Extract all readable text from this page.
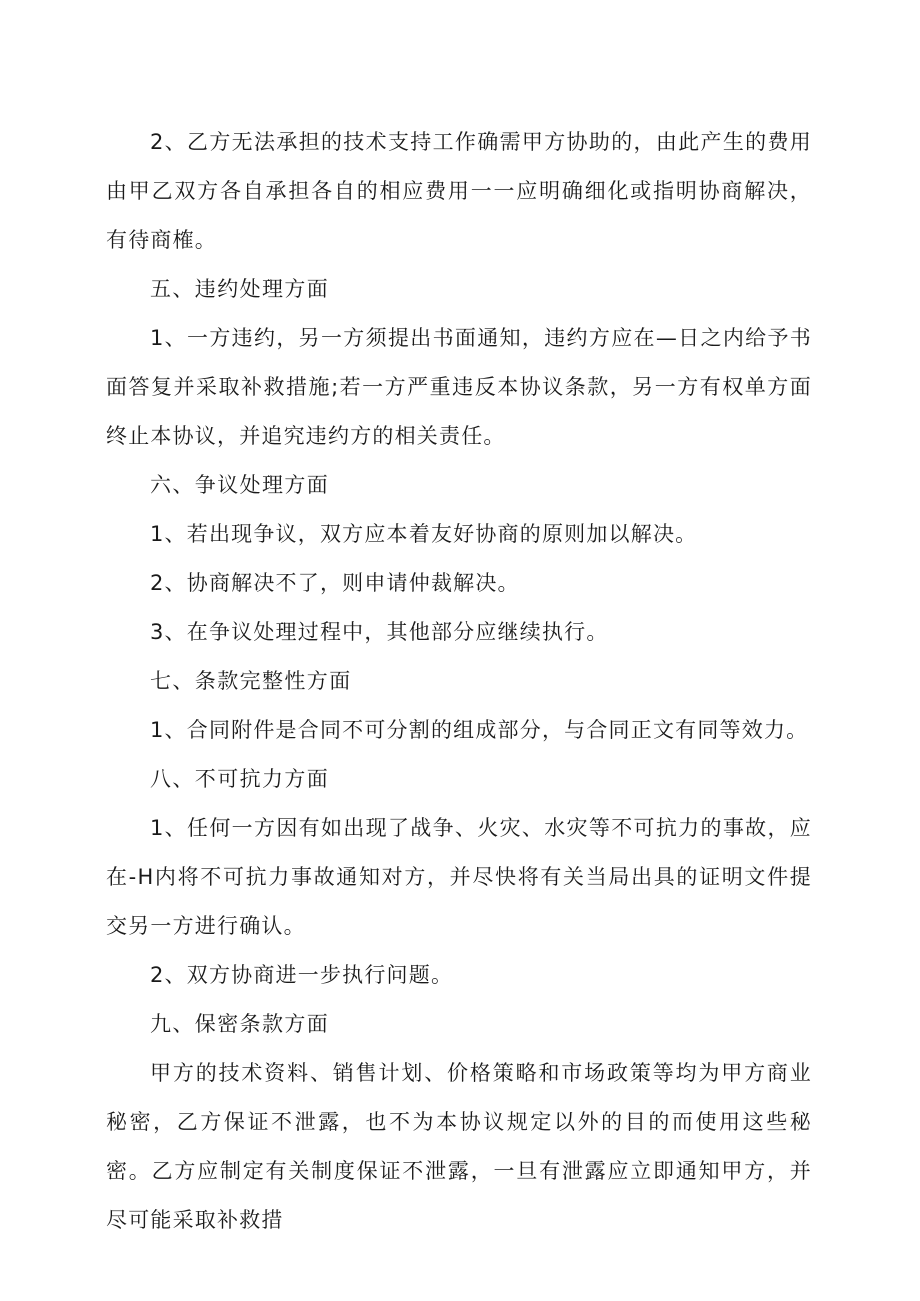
2、乙方无法承担的技术支持工作确需甲方协助的，由此产生的费用由甲乙双方各自承担各自的相应费用一一应明确细化或指明协商解决，有待商榷。

五、违约处理方面

1、一方违约，另一方须提出书面通知，违约方应在—日之内给予书面答复并采取补救措施;若一方严重违反本协议条款，另一方有权单方面终止本协议，并追究违约方的相关责任。

六、争议处理方面

1、若出现争议，双方应本着友好协商的原则加以解决。

2、协商解决不了，则申请仲裁解决。

3、在争议处理过程中，其他部分应继续执行。

七、条款完整性方面

1、合同附件是合同不可分割的组成部分，与合同正文有同等效力。

八、不可抗力方面

1、任何一方因有如出现了战争、火灾、水灾等不可抗力的事故，应在-H内将不可抗力事故通知对方，并尽快将有关当局出具的证明文件提交另一方进行确认。

2、双方协商进一步执行问题。

九、保密条款方面

甲方的技术资料、销售计划、价格策略和市场政策等均为甲方商业秘密，乙方保证不泄露，也不为本协议规定以外的目的而使用这些秘密。乙方应制定有关制度保证不泄露，一旦有泄露应立即通知甲方，并尽可能采取补救措
